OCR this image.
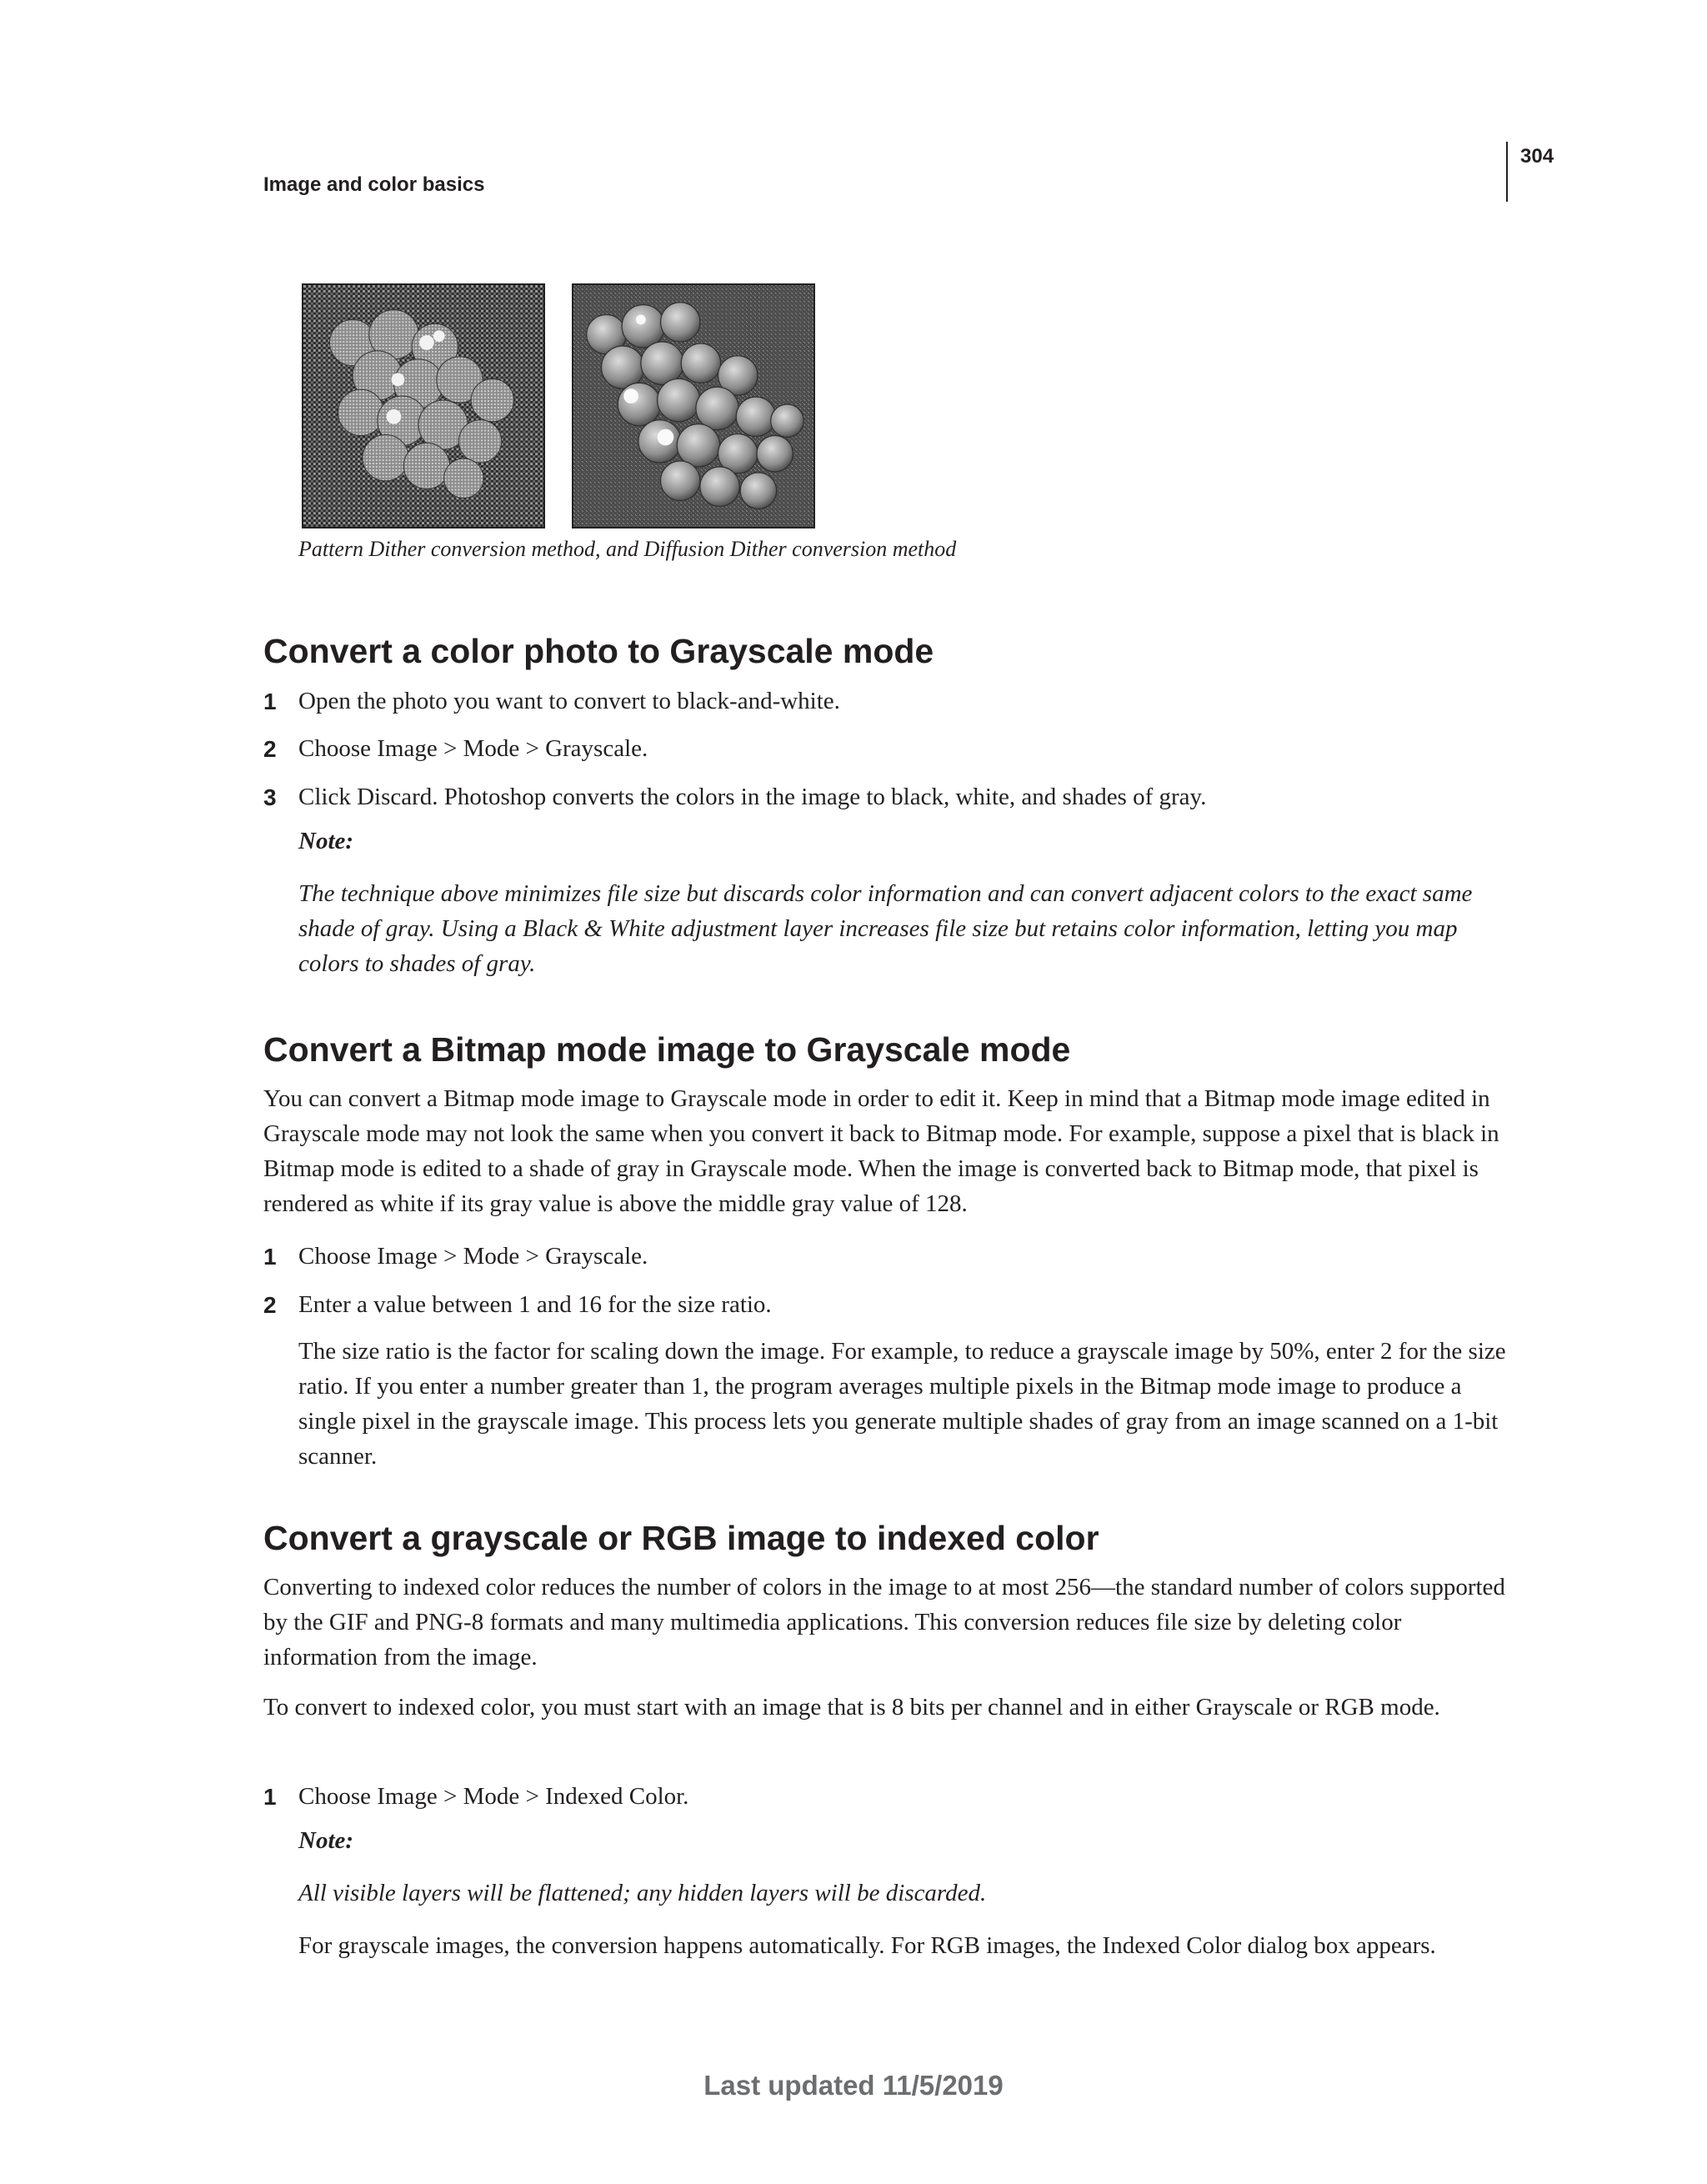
Image and color basics
304
Pattern Dither conversion method, and Diffusion Dither conversion method
Convert a color photo to Grayscale mode
1 Open the photo you want to convert to black-and-white.
2 Choose Image > Mode > Grayscale.
3 Click Discard. Photoshop converts the colors in the image to black, white, and shades of gray.
Note:

The technique above minimizes file size but discards color information and can convert adjacent colors to the exact same shade of gray. Using a Black & White adjustment layer increases file size but retains color information, letting you map colors to shades of gray.

Convert a Bitmap mode image to Grayscale mode

You can convert a Bitmap mode image to Grayscale mode in order to edit it. Keep in mind that a Bitmap mode image edited in Grayscale mode may not look the same when you convert it back to Bitmap mode. For example, suppose a pixel that is black in Bitmap mode is edited to a shade of gray in Grayscale mode. When the image is converted back to Bitmap mode, that pixel is rendered as white if its gray value is above the middle gray value of 128.

1 Choose Image > Mode > Grayscale.
2 Enter a value between 1 and 16 for the size ratio.

The size ratio is the factor for scaling down the image. For example, to reduce a grayscale image by 50%, enter 2 for the size ratio. If you enter a number greater than 1, the program averages multiple pixels in the Bitmap mode image to produce a single pixel in the grayscale image. This process lets you generate multiple shades of gray from an image scanned on a 1-bit scanner.

Convert a grayscale or RGB image to indexed color

Converting to indexed color reduces the number of colors in the image to at most 256—the standard number of colors supported by the GIF and PNG-8 formats and many multimedia applications. This conversion reduces file size by deleting color information from the image.

To convert to indexed color, you must start with an image that is 8 bits per channel and in either Grayscale or RGB mode.

1 Choose Image > Mode > Indexed Color.
Note:

All visible layers will be flattened; any hidden layers will be discarded.

For grayscale images, the conversion happens automatically. For RGB images, the Indexed Color dialog box appears.

Last updated 11/5/2019
